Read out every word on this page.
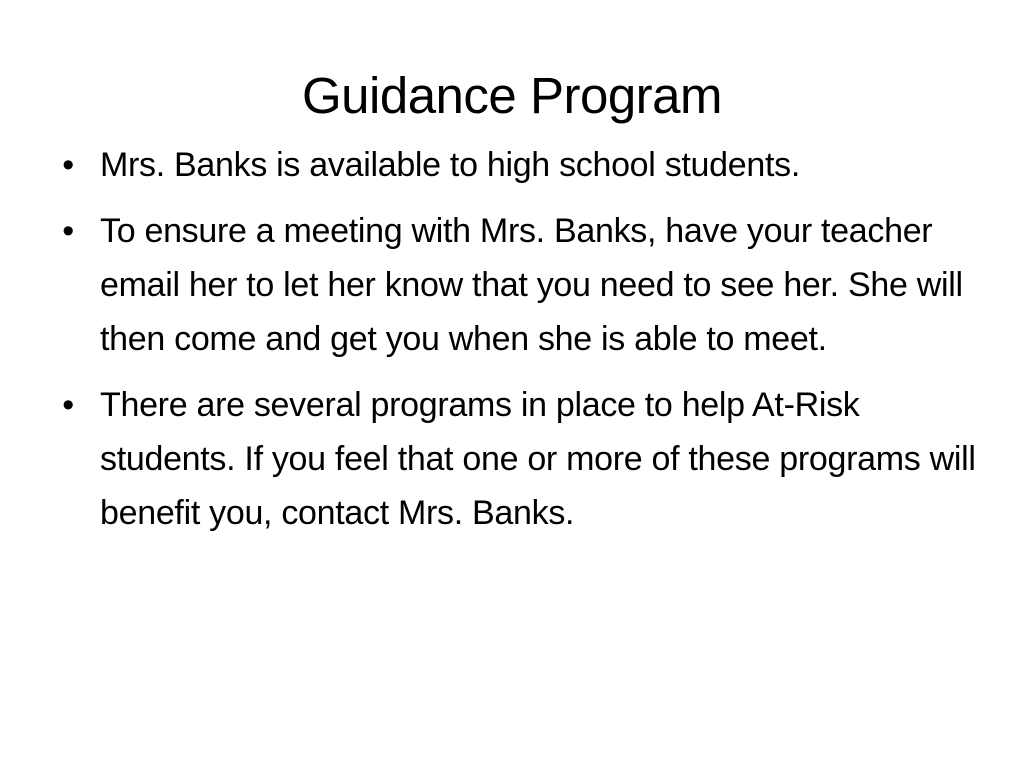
Guidance Program
• Mrs. Banks is available to high school students.
• To ensure a meeting with Mrs. Banks, have your teacher email her to let her know that you need to see her. She will then come and get you when she is able to meet.
• There are several programs in place to help At-Risk students. If you feel that one or more of these programs will benefit you, contact Mrs. Banks.
